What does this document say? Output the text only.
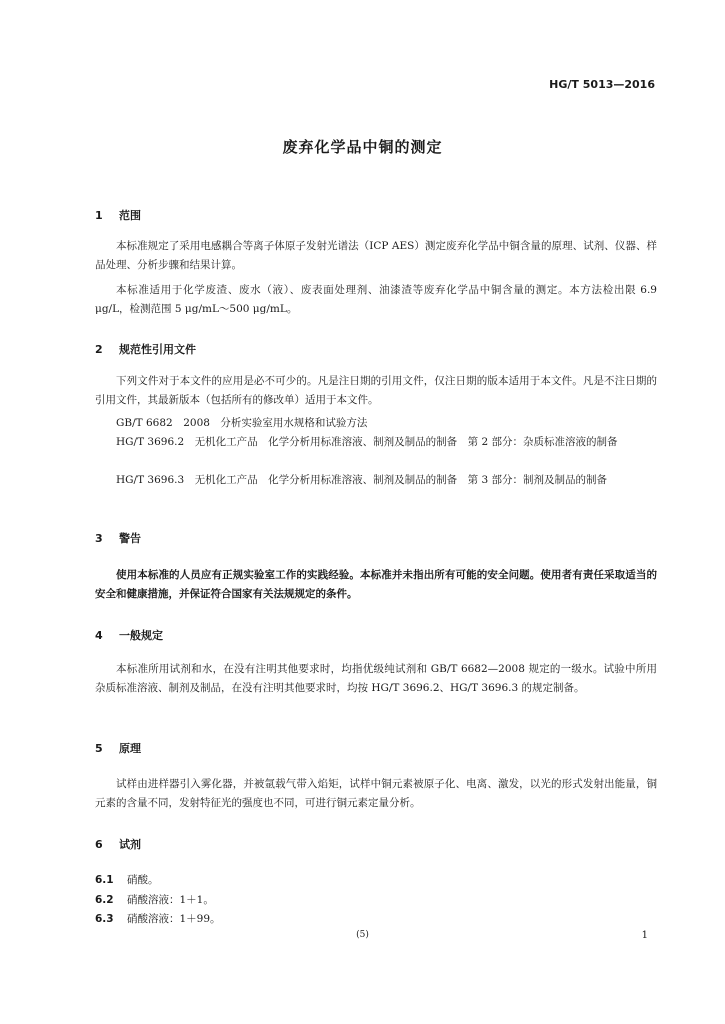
HG/T 5013—2016
废弃化学品中铜的测定
1 范围
本标准规定了采用电感耦合等离子体原子发射光谱法（ICP AES）测定废弃化学品中铜含量的原理、试剂、仪器、样品处理、分析步骤和结果计算。
本标准适用于化学废渣、废水（液）、废表面处理剂、油漆渣等废弃化学品中铜含量的测定。本方法检出限 6.9 μg/L，检测范围 5 μg/mL～500 μg/mL。
2 规范性引用文件
下列文件对于本文件的应用是必不可少的。凡是注日期的引用文件，仅注日期的版本适用于本文件。凡是不注日期的引用文件，其最新版本（包括所有的修改单）适用于本文件。
GB/T 6682　2008　分析实验室用水规格和试验方法
HG/T 3696.2　无机化工产品　化学分析用标准溶液、制剂及制品的制备　第 2 部分：杂质标准溶液的制备
HG/T 3696.3　无机化工产品　化学分析用标准溶液、制剂及制品的制备　第 3 部分：制剂及制品的制备
3 警告
使用本标准的人员应有正规实验室工作的实践经验。本标准并未指出所有可能的安全问题。使用者有责任采取适当的安全和健康措施，并保证符合国家有关法规规定的条件。
4 一般规定
本标准所用试剂和水，在没有注明其他要求时，均指优级纯试剂和 GB/T 6682—2008 规定的一级水。试验中所用杂质标准溶液、制剂及制品，在没有注明其他要求时，均按 HG/T 3696.2、HG/T 3696.3 的规定制备。
5 原理
试样由进样器引入雾化器，并被氩载气带入焰矩，试样中铜元素被原子化、电离、激发，以光的形式发射出能量，铜元素的含量不同，发射特征光的强度也不同，可进行铜元素定量分析。
6 试剂
6.1 硝酸。
6.2 硝酸溶液：1＋1。
6.3 硝酸溶液：1＋99。
(5)	1
